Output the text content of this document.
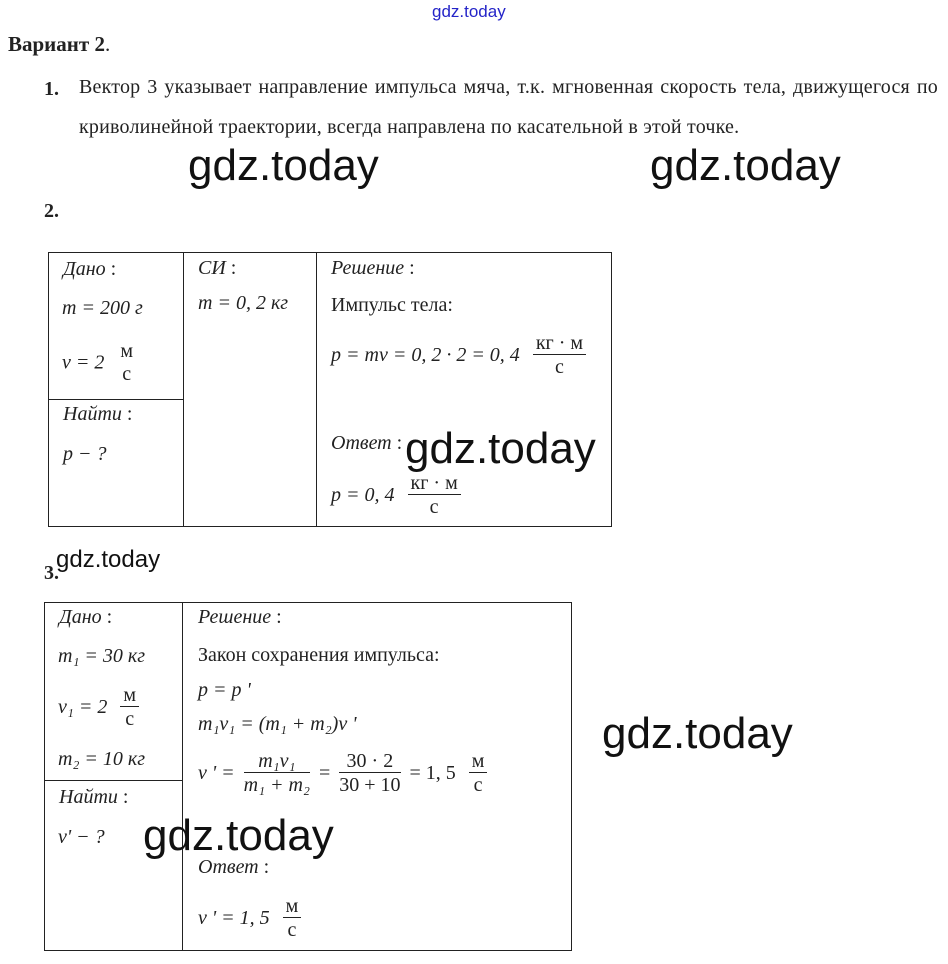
gdz.today
Вариант 2.
1. Вектор 3 указывает направление импульса мяча, т.к. мгновенная скорость тела, движущегося по криволинейной траектории, всегда направлена по касательной в этой точке.
gdz.today	gdz.today
2.
Дано :
m = 200 г
v = 2
м
с
Найти :
p − ?
СИ :
m = 0, 2 кг
Решение :
Импульс тела:
p = mv = 0, 2 · 2 = 0, $4 \frac{кг \cdot м}{с}$
Ответ :
p = 0, $4 \frac{кг \cdot м}{с}$
gdz.today
3.
gdz.today
Дано :
m₁ = 30 кг
$v_1 = 2 \frac{м}{с}$
m₂ = 10 кг
Найти :
v' − ?
Решение :
Закон сохранения импульса:
p = p '
m₁v₁ = (m₁ + m₂)v '
v ' = $\frac{\text{m₁v₁}}{\text{m₁ + m₂}} = \frac{30 \cdot 2}{30 + 10} = 1$, $5 \frac{м}{с}$
Ответ :
v ' = 1, $5 \frac{м}{с}$
gdz.today
gdz.today
